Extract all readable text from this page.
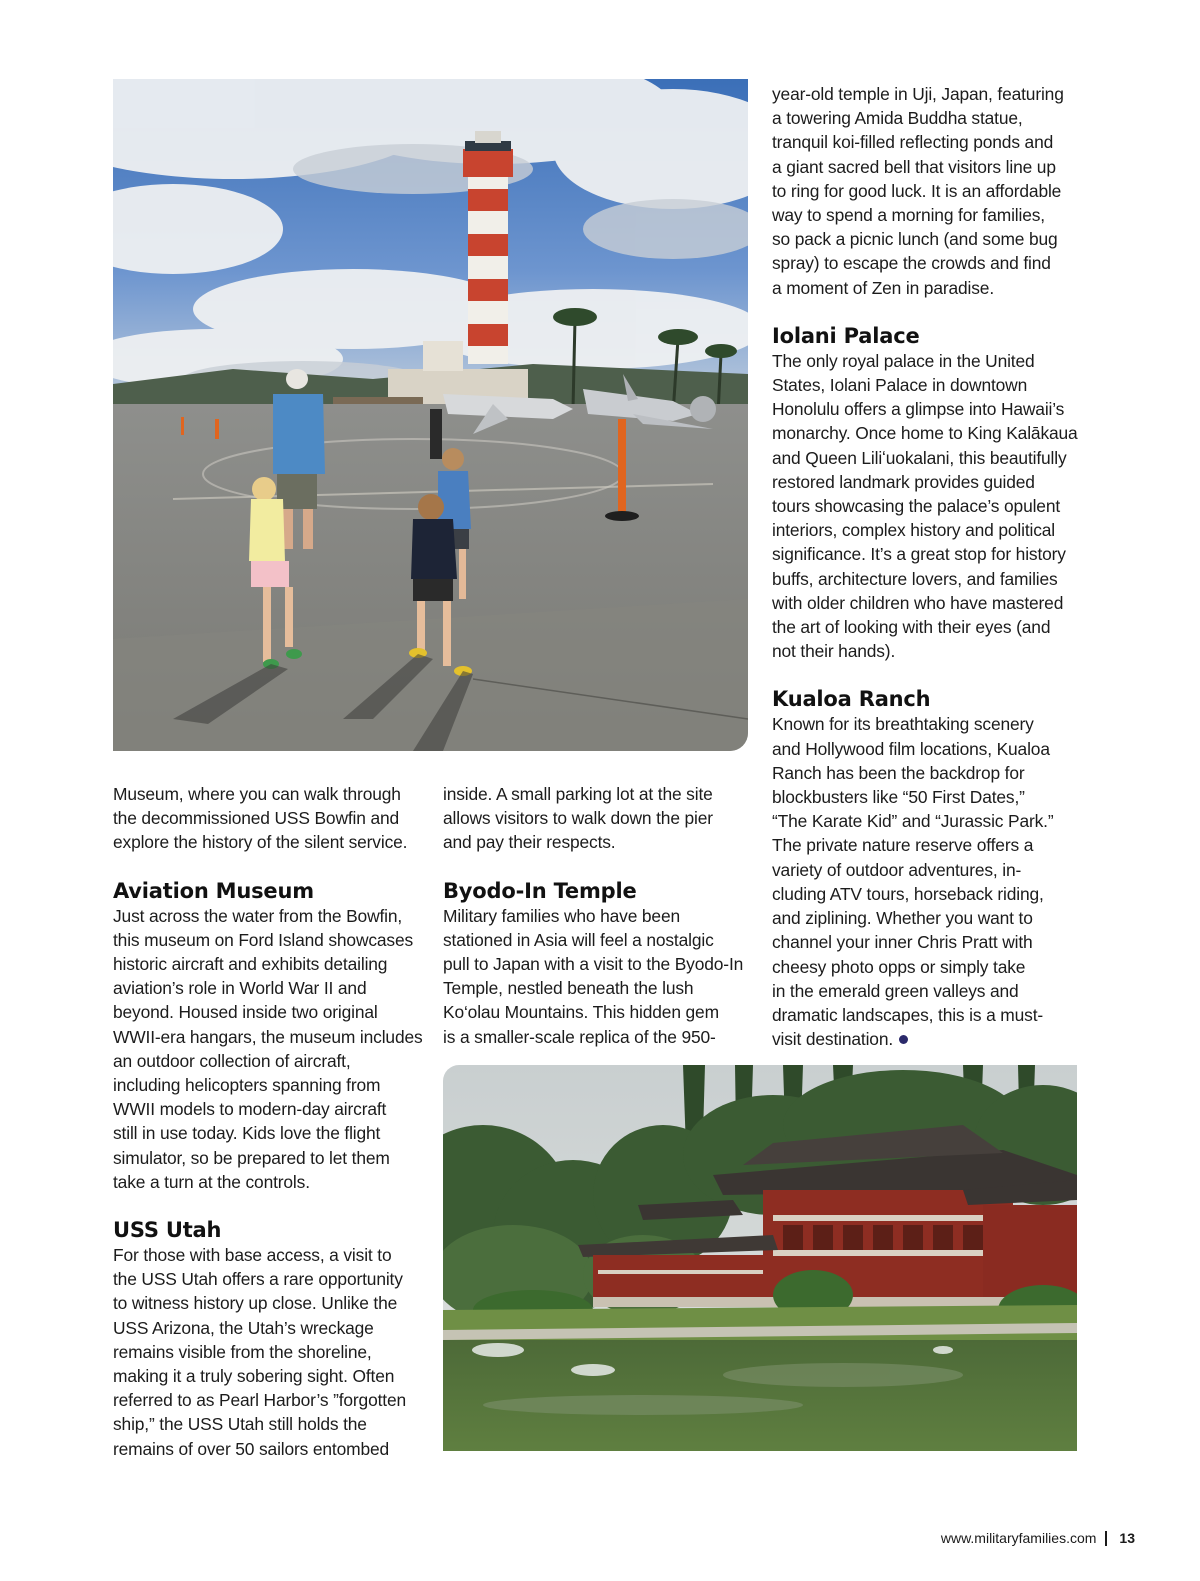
Museum, where you can walk through
the decommissioned USS Bowfin and
explore the history of the silent service.
Aviation Museum
Just across the water from the Bowfin,
this museum on Ford Island showcases
historic aircraft and exhibits detailing
aviation’s role in World War II and
beyond. Housed inside two original
WWII-era hangars, the museum includes
an outdoor collection of aircraft,
including helicopters spanning from
WWII models to modern-day aircraft
still in use today. Kids love the flight
simulator, so be prepared to let them
take a turn at the controls.
USS Utah
For those with base access, a visit to
the USS Utah offers a rare opportunity
to witness history up close. Unlike the
USS Arizona, the Utah’s wreckage
remains visible from the shoreline,
making it a truly sobering sight. Often
referred to as Pearl Harbor’s ”forgotten
ship,” the USS Utah still holds the
remains of over 50 sailors entombed
inside. A small parking lot at the site
allows visitors to walk down the pier
and pay their respects.
Byodo-In Temple
Military families who have been
stationed in Asia will feel a nostalgic
pull to Japan with a visit to the Byodo-In
Temple, nestled beneath the lush
Ko‘olau Mountains. This hidden gem
is a smaller-scale replica of the 950-
year-old temple in Uji, Japan, featuring
a towering Amida Buddha statue,
tranquil koi-filled reflecting ponds and
a giant sacred bell that visitors line up
to ring for good luck. It is an affordable
way to spend a morning for families,
so pack a picnic lunch (and some bug
spray) to escape the crowds and find
a moment of Zen in paradise.
Iolani Palace
The only royal palace in the United
States, Iolani Palace in downtown
Honolulu offers a glimpse into Hawaii’s
monarchy. Once home to King Kalākaua
and Queen Liliʻuokalani, this beautifully
restored landmark provides guided
tours showcasing the palace’s opulent
interiors, complex history and political
significance. It’s a great stop for history
buffs, architecture lovers, and families
with older children who have mastered
the art of looking with their eyes (and
not their hands).
Kualoa Ranch
Known for its breathtaking scenery
and Hollywood film locations, Kualoa
Ranch has been the backdrop for
blockbusters like “50 First Dates,”
“The Karate Kid” and “Jurassic Park.”
The private nature reserve offers a
variety of outdoor adventures, in-
cluding ATV tours, horseback riding,
and ziplining. Whether you want to
channel your inner Chris Pratt with
cheesy photo opps or simply take
in the emerald green valleys and
dramatic landscapes, this is a must-
visit destination.
www.militaryfamilies.com 13
